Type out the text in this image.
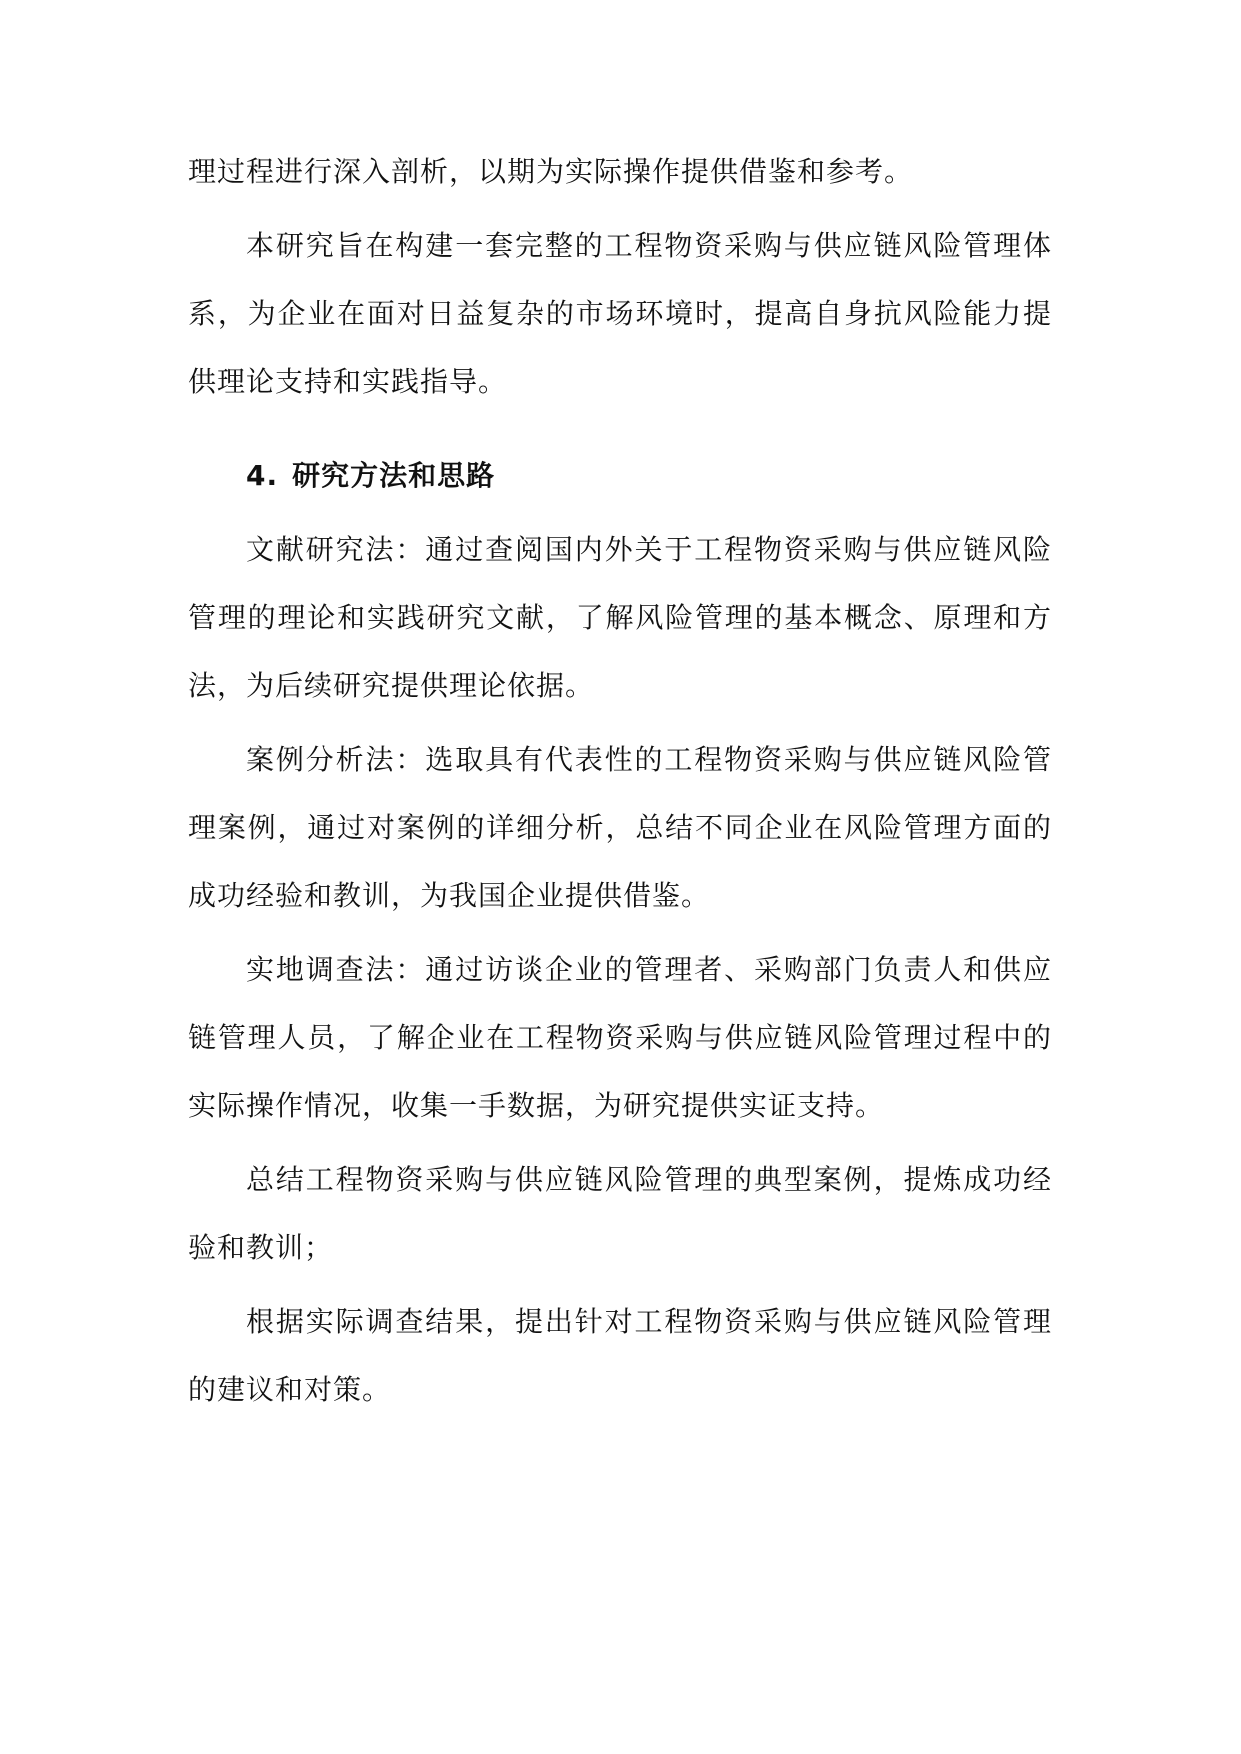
理过程进行深入剖析，以期为实际操作提供借鉴和参考。

本研究旨在构建一套完整的工程物资采购与供应链风险管理体系，为企业在面对日益复杂的市场环境时，提高自身抗风险能力提供理论支持和实践指导。

4. 研究方法和思路

文献研究法：通过查阅国内外关于工程物资采购与供应链风险管理的理论和实践研究文献，了解风险管理的基本概念、原理和方法，为后续研究提供理论依据。

案例分析法：选取具有代表性的工程物资采购与供应链风险管理案例，通过对案例的详细分析，总结不同企业在风险管理方面的成功经验和教训，为我国企业提供借鉴。

实地调查法：通过访谈企业的管理者、采购部门负责人和供应链管理人员，了解企业在工程物资采购与供应链风险管理过程中的实际操作情况，收集一手数据，为研究提供实证支持。

总结工程物资采购与供应链风险管理的典型案例，提炼成功经验和教训；

根据实际调查结果，提出针对工程物资采购与供应链风险管理的建议和对策。
